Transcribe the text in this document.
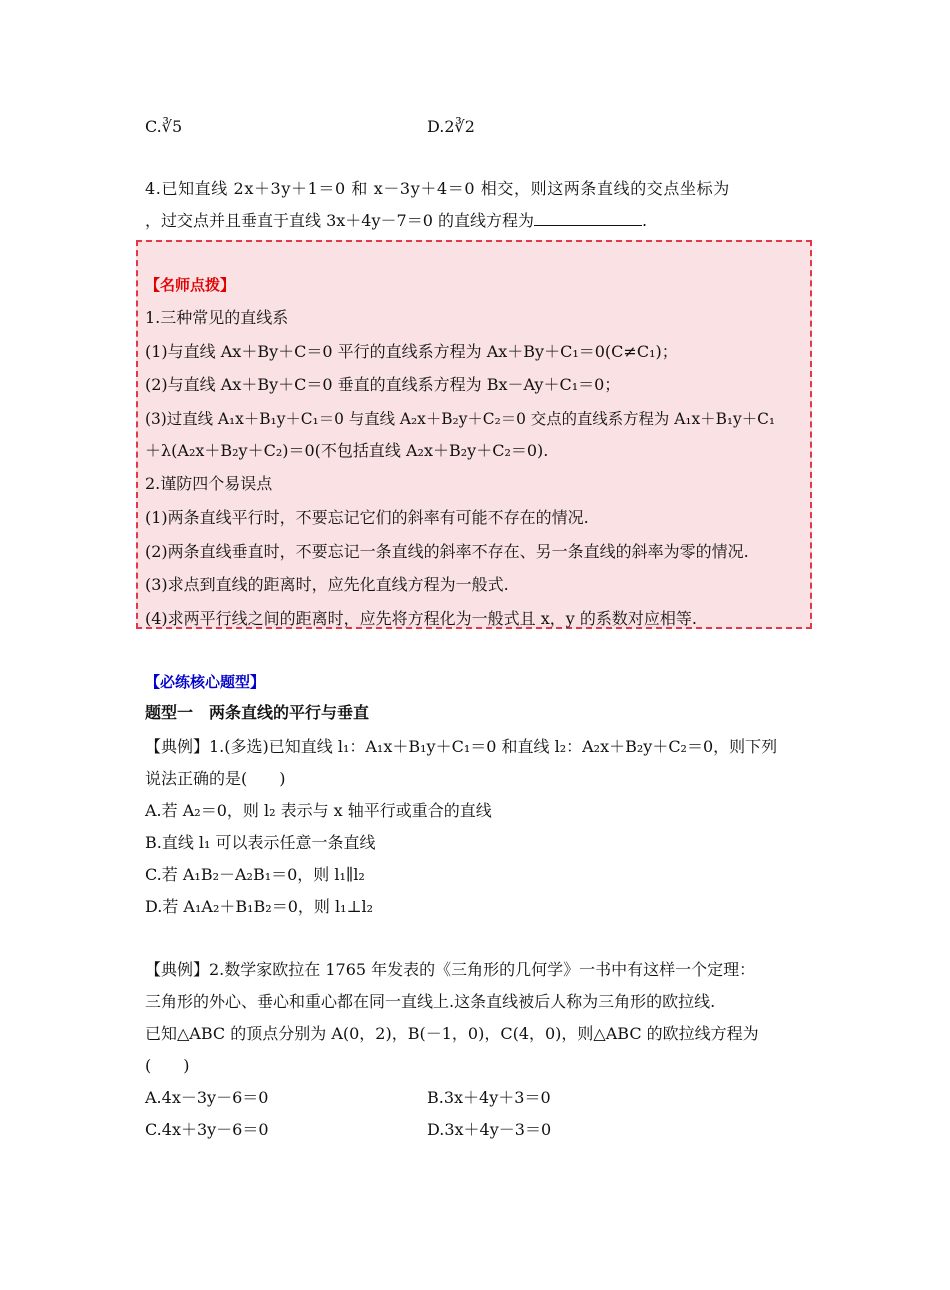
C.∛5	D.2∛2
4.已知直线 2x＋3y＋1＝0 和 x－3y＋4＝0 相交，则这两条直线的交点坐标为
，过交点并且垂直于直线 3x＋4y－7＝0 的直线方程为	.
【名师点拨】
1.三种常见的直线系
(1)与直线 Ax＋By＋C＝0 平行的直线系方程为 Ax＋By＋C₁＝0(C≠C₁)；
(2)与直线 Ax＋By＋C＝0 垂直的直线系方程为 Bx－Ay＋C₁＝0；
(3)过直线 A₁x＋B₁y＋C₁＝0 与直线 A₂x＋B₂y＋C₂＝0 交点的直线系方程为 A₁x＋B₁y＋C₁
＋λ(A₂x＋B₂y＋C₂)＝0(不包括直线 A₂x＋B₂y＋C₂＝0).
2.谨防四个易误点
(1)两条直线平行时，不要忘记它们的斜率有可能不存在的情况.
(2)两条直线垂直时，不要忘记一条直线的斜率不存在、另一条直线的斜率为零的情况.
(3)求点到直线的距离时，应先化直线方程为一般式.
(4)求两平行线之间的距离时，应先将方程化为一般式且 x，y 的系数对应相等.
【必练核心题型】
题型一　两条直线的平行与垂直
【典例】1.(多选)已知直线 l₁：A₁x＋B₁y＋C₁＝0 和直线 l₂：A₂x＋B₂y＋C₂＝0，则下列
说法正确的是(　　)
A.若 A₂＝0，则 l₂ 表示与 x 轴平行或重合的直线
B.直线 l₁ 可以表示任意一条直线
C.若 A₁B₂－A₂B₁＝0，则 l₁∥l₂
D.若 A₁A₂＋B₁B₂＝0，则 l₁⊥l₂
【典例】2.数学家欧拉在 1765 年发表的《三角形的几何学》一书中有这样一个定理：
三角形的外心、垂心和重心都在同一直线上.这条直线被后人称为三角形的欧拉线.
已知△ABC 的顶点分别为 A(0，2)，B(－1，0)，C(4，0)，则△ABC 的欧拉线方程为
(　　)
A.4x－3y－6＝0	B.3x＋4y＋3＝0
C.4x＋3y－6＝0	D.3x＋4y－3＝0
